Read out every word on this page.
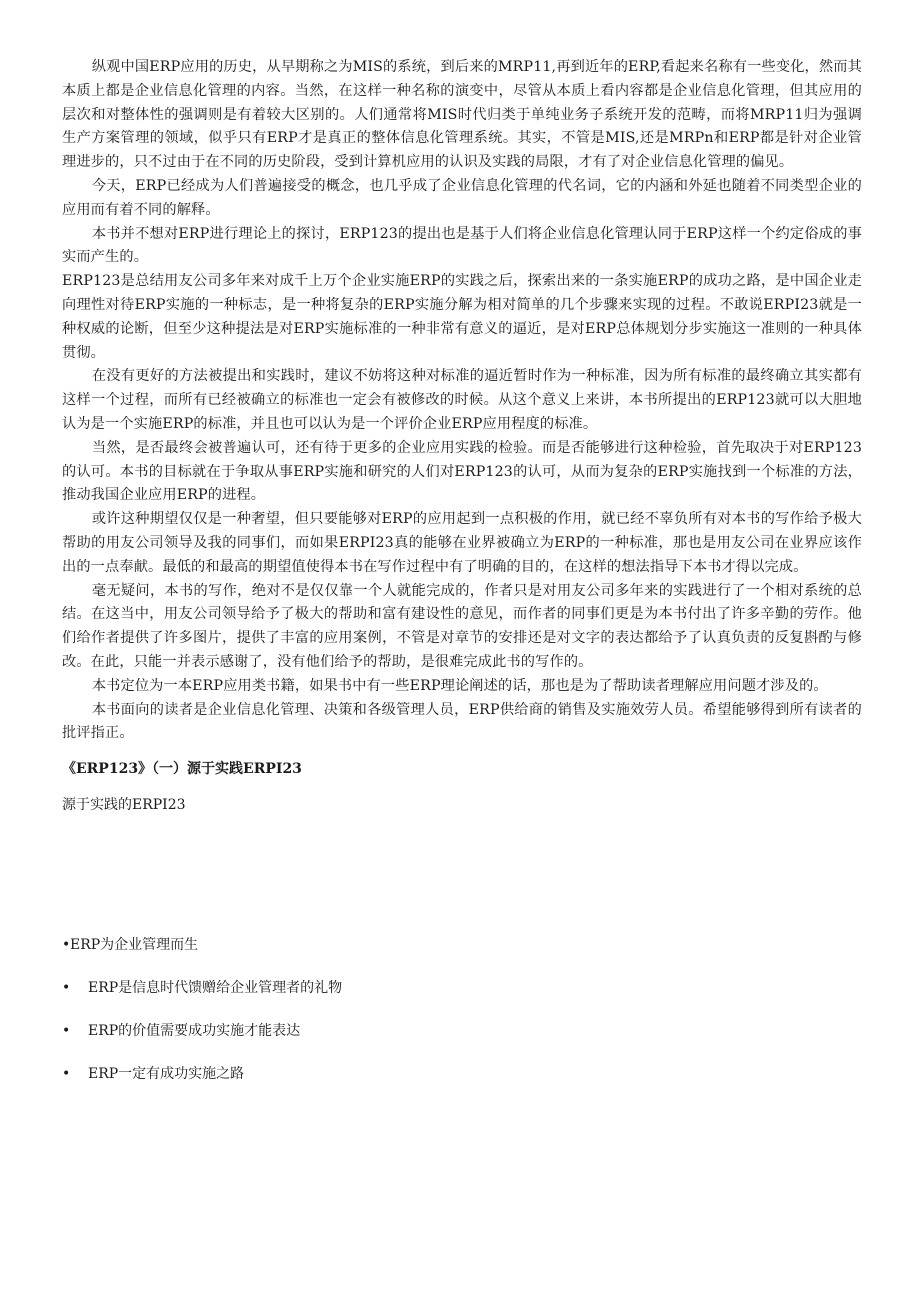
纵观中国ERP应用的历史，从早期称之为MIS的系统，到后来的MRP11,再到近年的ERP,看起来名称有一些变化，然而其本质上都是企业信息化管理的内容。当然，在这样一种名称的演变中，尽管从本质上看内容都是企业信息化管理，但其应用的层次和对整体性的强调则是有着较大区别的。人们通常将MIS时代归类于单纯业务子系统开发的范畴，而将MRP11归为强调生产方案管理的领域，似乎只有ERP才是真正的整体信息化管理系统。其实，不管是MIS,还是MRPn和ERP都是针对企业管理进步的，只不过由于在不同的历史阶段，受到计算机应用的认识及实践的局限，才有了对企业信息化管理的偏见。

今天，ERP已经成为人们普遍接受的概念，也几乎成了企业信息化管理的代名词，它的内涵和外延也随着不同类型企业的应用而有着不同的解释。

本书并不想对ERP进行理论上的探讨，ERP123的提出也是基于人们将企业信息化管理认同于ERP这样一个约定俗成的事实而产生的。

ERP123是总结用友公司多年来对成千上万个企业实施ERP的实践之后，探索出来的一条实施ERP的成功之路，是中国企业走向理性对待ERP实施的一种标志，是一种将复杂的ERP实施分解为相对简单的几个步骤来实现的过程。不敢说ERPI23就是一种权威的论断，但至少这种提法是对ERP实施标准的一种非常有意义的逼近，是对ERP总体规划分步实施这一准则的一种具体贯彻。

在没有更好的方法被提出和实践时，建议不妨将这种对标准的逼近暂时作为一种标准，因为所有标准的最终确立其实都有这样一个过程，而所有已经被确立的标准也一定会有被修改的时候。从这个意义上来讲，本书所提出的ERP123就可以大胆地认为是一个实施ERP的标准，并且也可以认为是一个评价企业ERP应用程度的标准。

当然，是否最终会被普遍认可，还有待于更多的企业应用实践的检验。而是否能够进行这种检验，首先取决于对ERP123的认可。本书的目标就在于争取从事ERP实施和研究的人们对ERP123的认可，从而为复杂的ERP实施找到一个标准的方法，推动我国企业应用ERP的进程。

或许这种期望仅仅是一种奢望，但只要能够对ERP的应用起到一点积极的作用，就已经不辜负所有对本书的写作给予极大帮助的用友公司领导及我的同事们，而如果ERPI23真的能够在业界被确立为ERP的一种标准，那也是用友公司在业界应该作出的一点奉献。最低的和最高的期望值使得本书在写作过程中有了明确的目的，在这样的想法指导下本书才得以完成。

毫无疑问，本书的写作，绝对不是仅仅靠一个人就能完成的，作者只是对用友公司多年来的实践进行了一个相对系统的总结。在这当中，用友公司领导给予了极大的帮助和富有建设性的意见，而作者的同事们更是为本书付出了许多辛勤的劳作。他们给作者提供了许多图片，提供了丰富的应用案例，不管是对章节的安排还是对文字的表达都给予了认真负责的反复斟酌与修改。在此，只能一并表示感谢了，没有他们给予的帮助，是很难完成此书的写作的。

本书定位为一本ERP应用类书籍，如果书中有一些ERP理论阐述的话，那也是为了帮助读者理解应用问题才涉及的。

本书面向的读者是企业信息化管理、决策和各级管理人员，ERP供给商的销售及实施效劳人员。希望能够得到所有读者的批评指正。

《ERP123》（一）源于实践ERPI23
源于实践的ERPI23
• ERP为企业管理而生
•	ERP是信息时代馈赠给企业管理者的礼物
•	ERP的价值需要成功实施才能表达
•	ERP一定有成功实施之路
